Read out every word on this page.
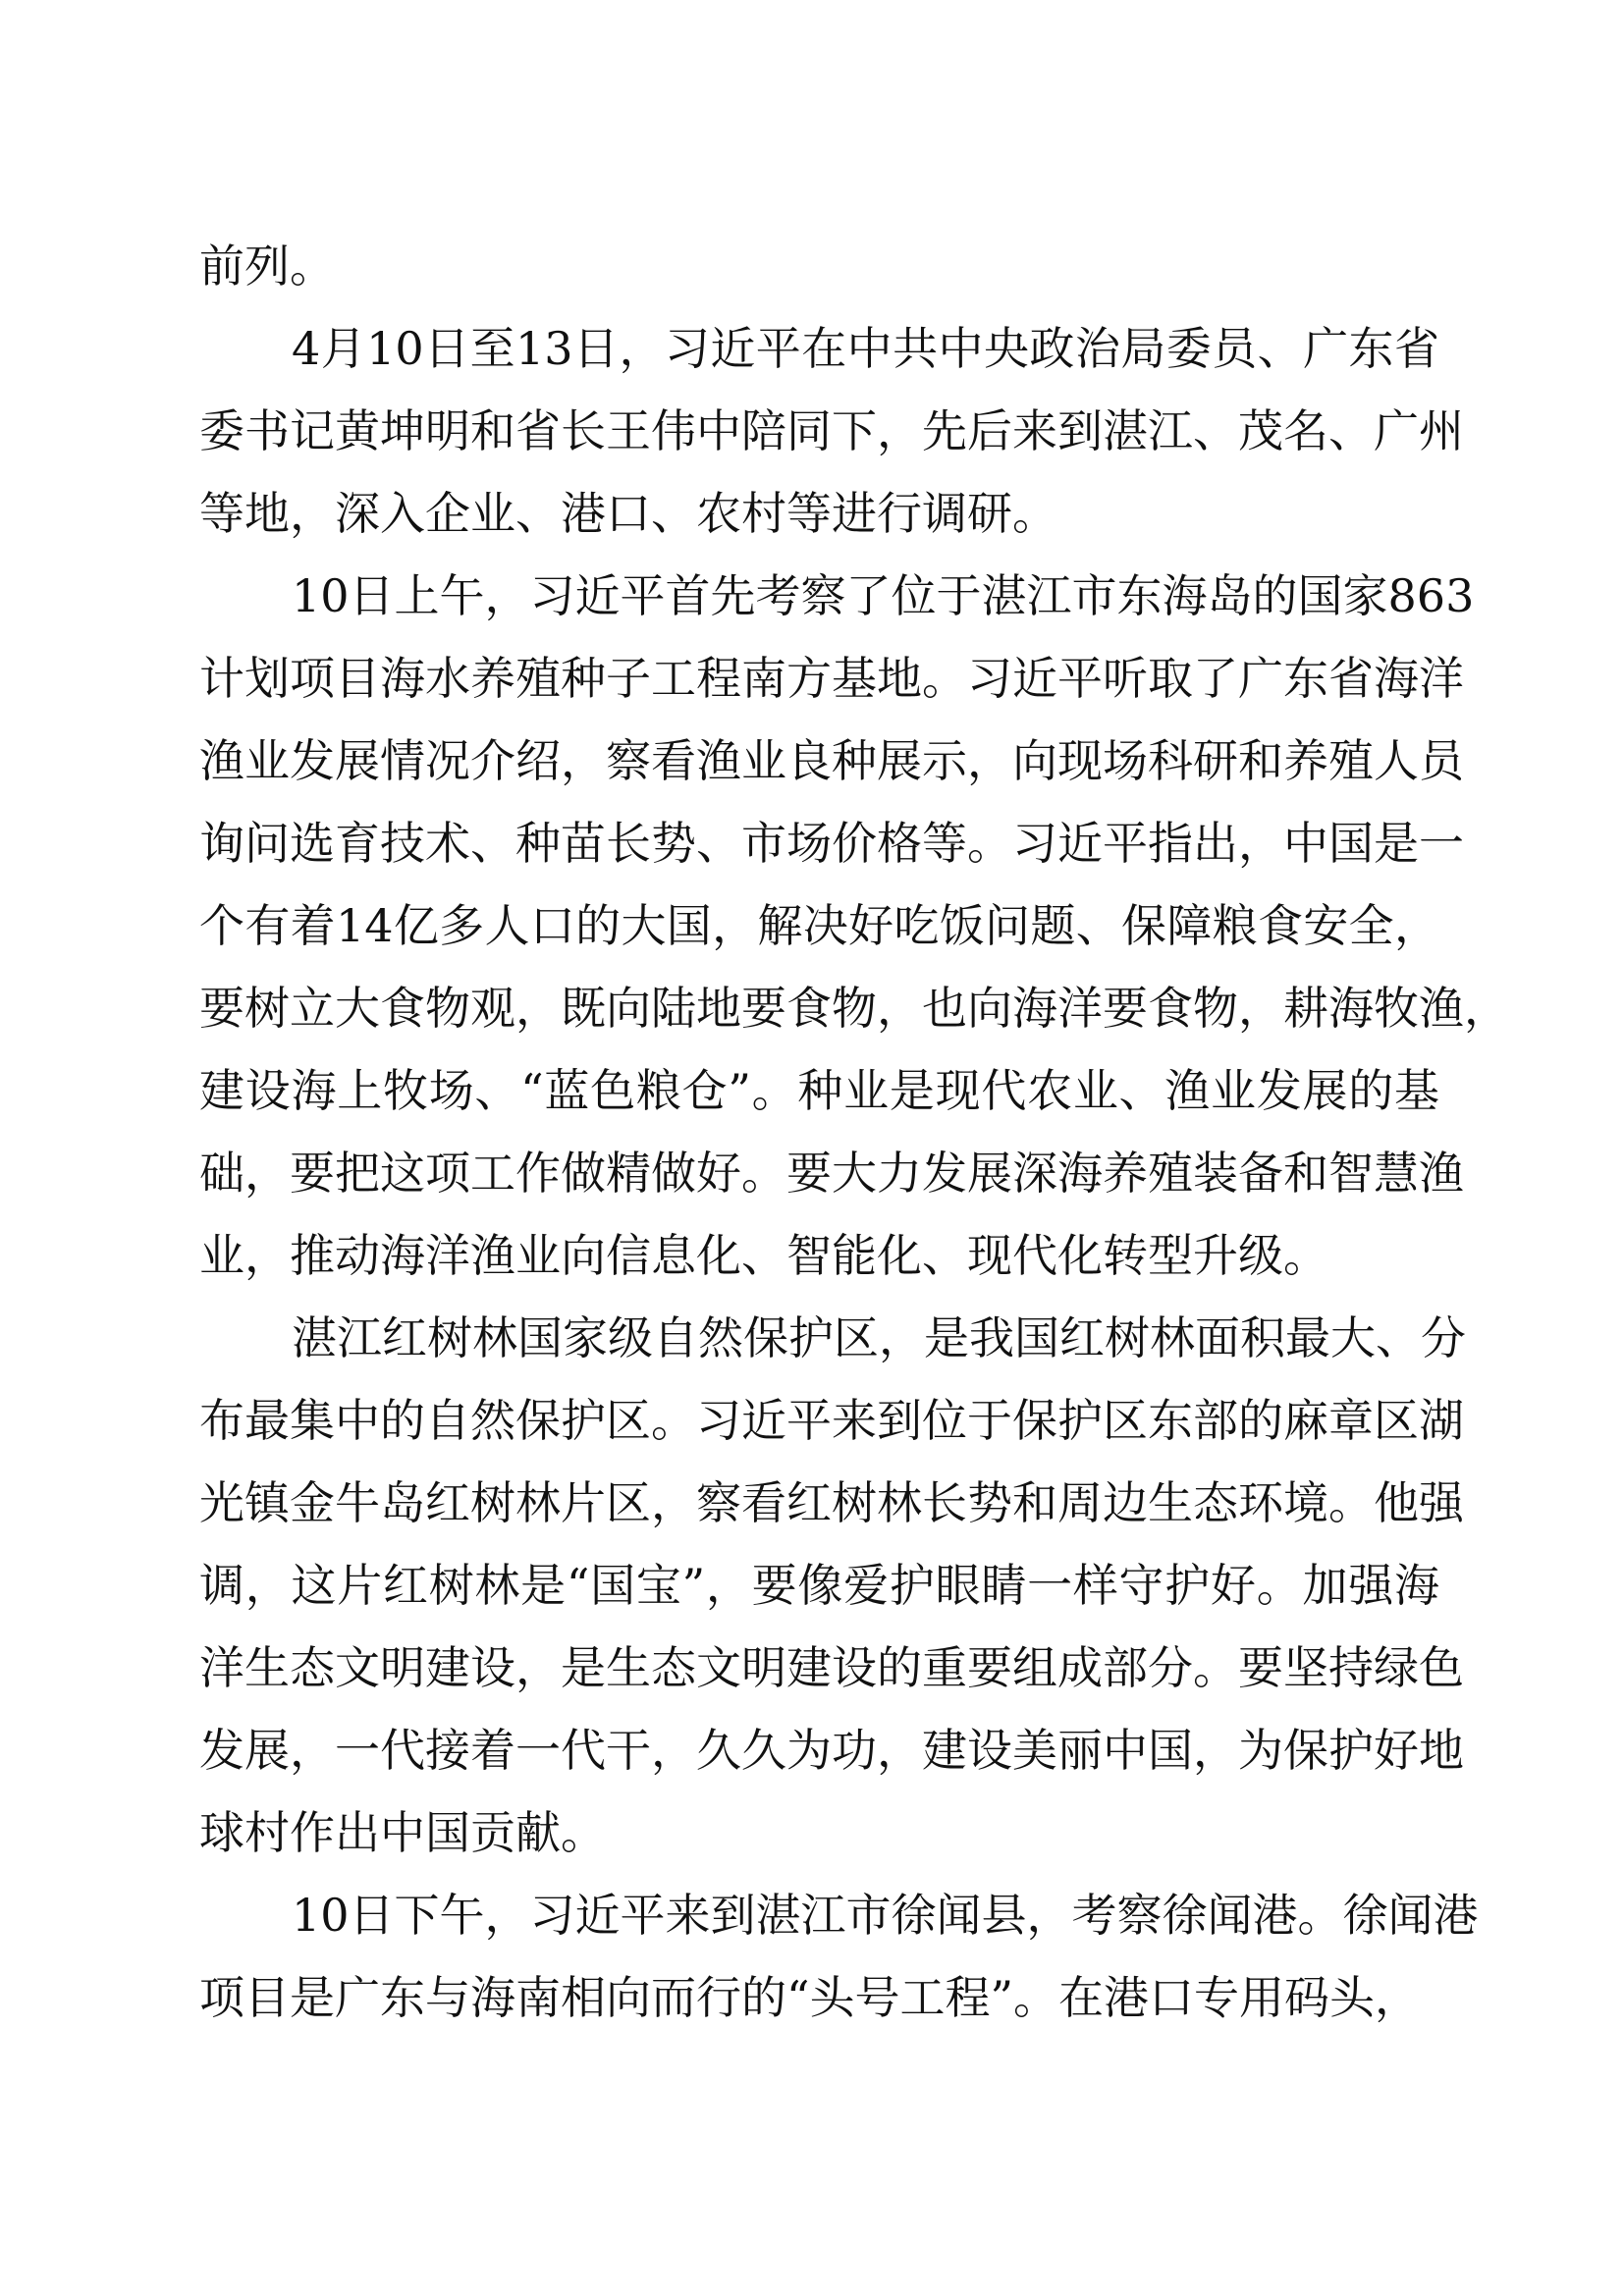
前列。
4月10日至13日，习近平在中共中央政治局委员、广东省
委书记黄坤明和省长王伟中陪同下，先后来到湛江、茂名、广州
等地，深入企业、港口、农村等进行调研。
10日上午，习近平首先考察了位于湛江市东海岛的国家863
计划项目海水养殖种子工程南方基地。习近平听取了广东省海洋
渔业发展情况介绍，察看渔业良种展示，向现场科研和养殖人员
询问选育技术、种苗长势、市场价格等。习近平指出，中国是一
个有着14亿多人口的大国，解决好吃饭问题、保障粮食安全，
要树立大食物观，既向陆地要食物，也向海洋要食物，耕海牧渔，
建设海上牧场、“蓝色粮仓”。种业是现代农业、渔业发展的基
础，要把这项工作做精做好。要大力发展深海养殖装备和智慧渔
业，推动海洋渔业向信息化、智能化、现代化转型升级。
湛江红树林国家级自然保护区，是我国红树林面积最大、分
布最集中的自然保护区。习近平来到位于保护区东部的麻章区湖
光镇金牛岛红树林片区，察看红树林长势和周边生态环境。他强
调，这片红树林是“国宝”，要像爱护眼睛一样守护好。加强海
洋生态文明建设，是生态文明建设的重要组成部分。要坚持绿色
发展，一代接着一代干，久久为功，建设美丽中国，为保护好地
球村作出中国贡献。
10日下午，习近平来到湛江市徐闻县，考察徐闻港。徐闻港
项目是广东与海南相向而行的“头号工程”。在港口专用码头，
